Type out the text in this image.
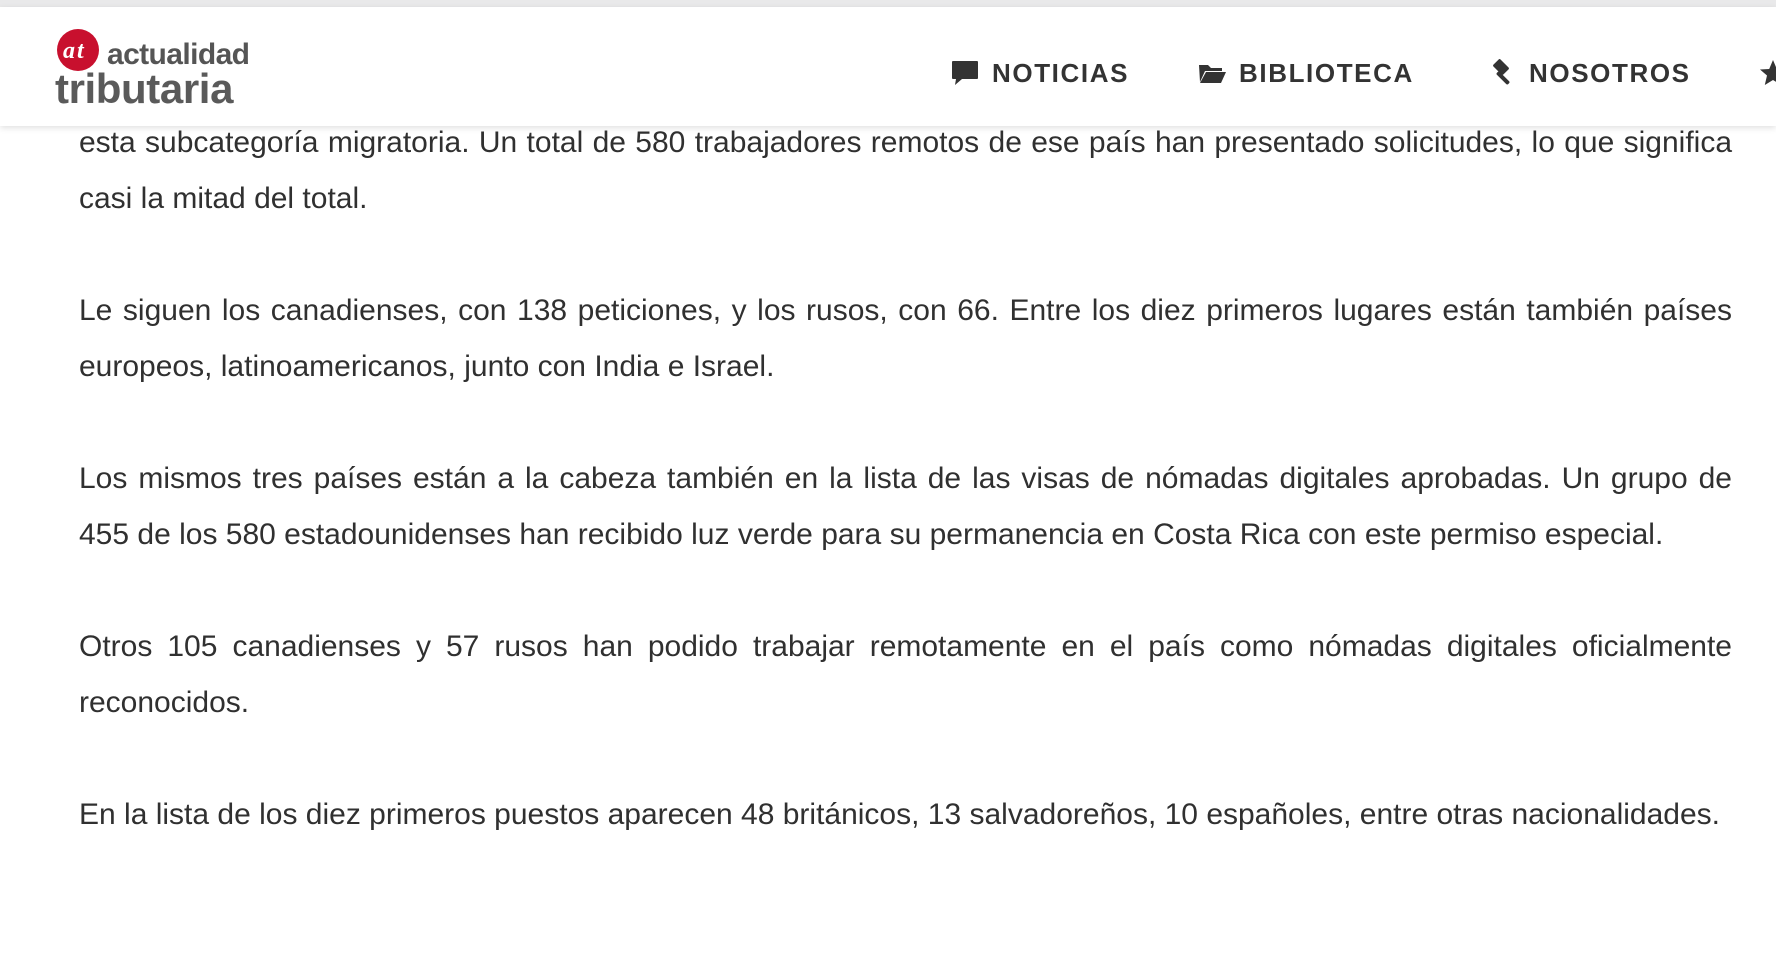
a t actualidad
tributaria	NOTICIAS	BIBLIOTECA	NOSOTROS

esta subcategoría migratoria. Un total de 580 trabajadores remotos de ese país han presentado solicitudes, lo que significa casi la mitad del total.

Le siguen los canadienses, con 138 peticiones, y los rusos, con 66. Entre los diez primeros lugares están también países europeos, latinoamericanos, junto con India e Israel.

Los mismos tres países están a la cabeza también en la lista de las visas de nómadas digitales aprobadas. Un grupo de 455 de los 580 estadounidenses han recibido luz verde para su permanencia en Costa Rica con este permiso especial.

Otros 105 canadienses y 57 rusos han podido trabajar remotamente en el país como nómadas digitales oficialmente reconocidos.

En la lista de los diez primeros puestos aparecen 48 británicos, 13 salvadoreños, 10 españoles, entre otras nacionalidades.
